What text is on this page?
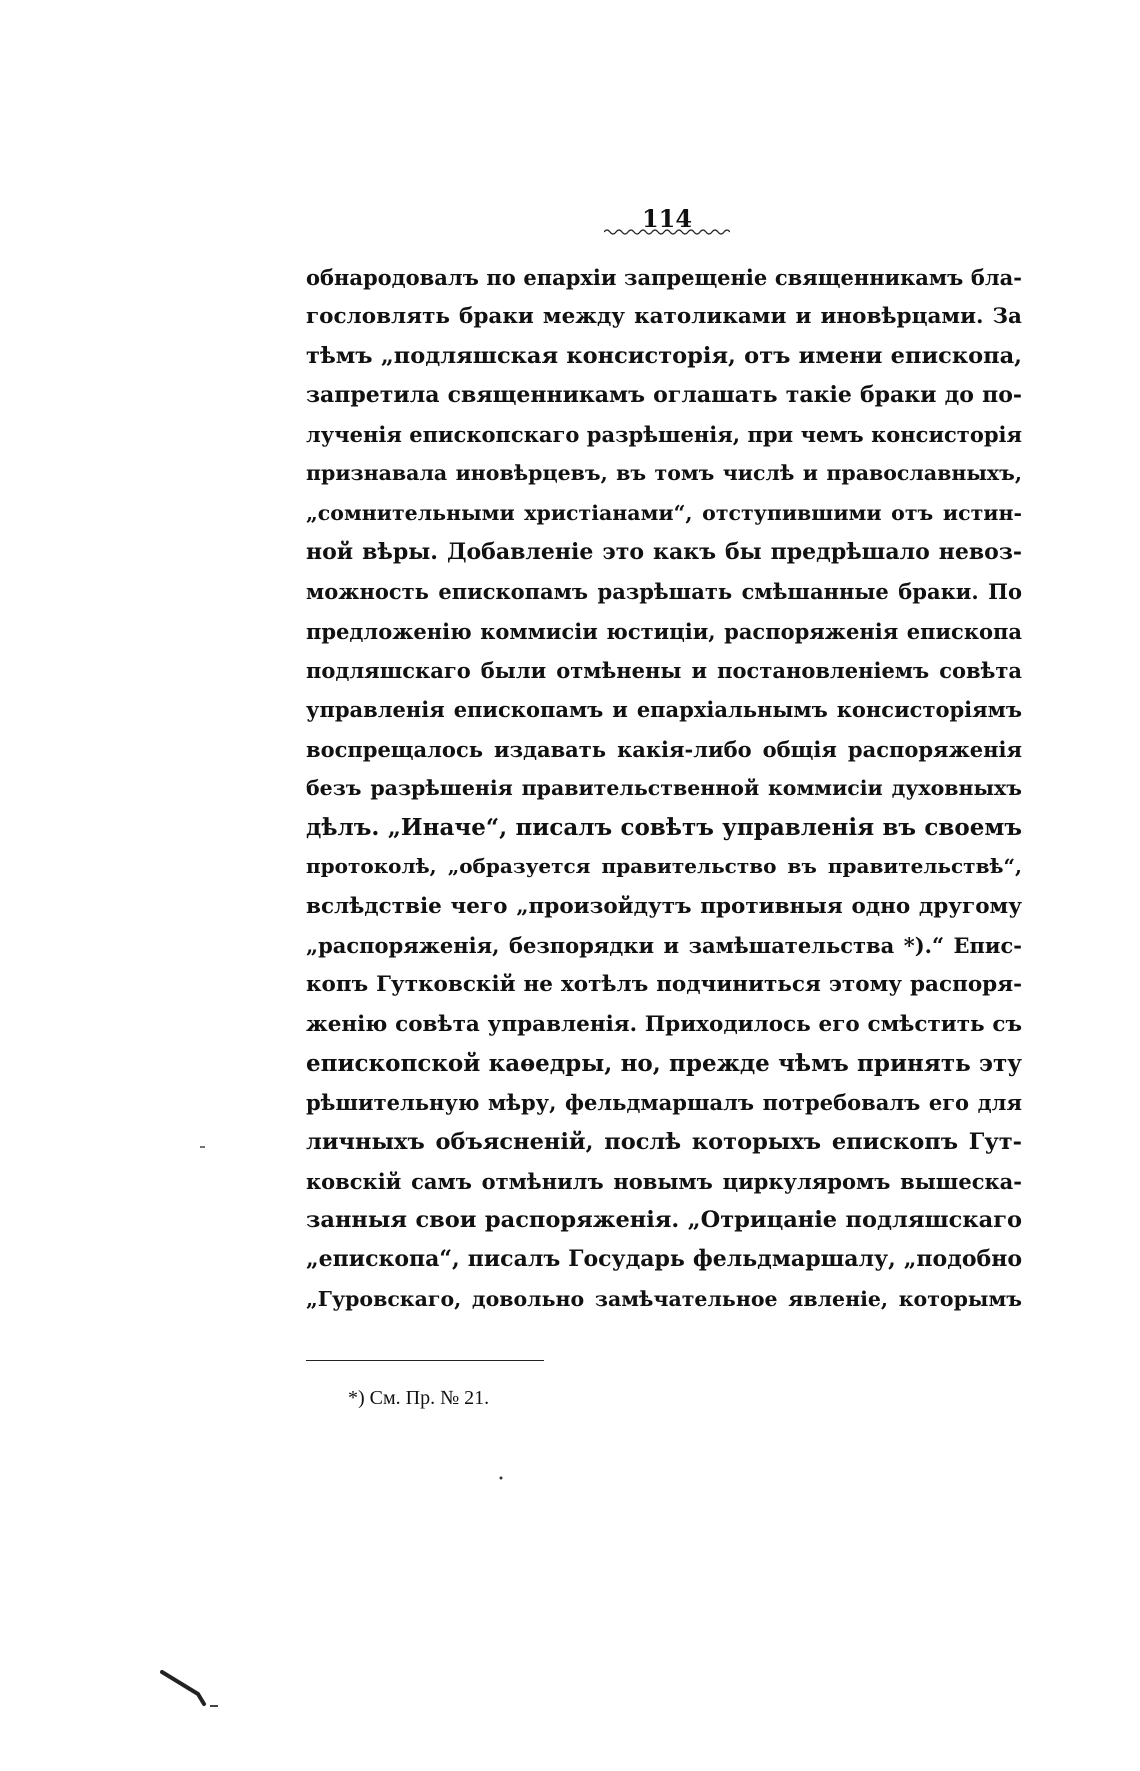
114
обнародовалъ по епархіи запрещеніе священникамъ бла-
гословлять браки между католиками и иновѣрцами. За
тѣмъ „подляшская консисторія, отъ имени епископа,
запретила священникамъ оглашать такіе браки до по-
лученія епископскаго разрѣшенія, при чемъ консисторія
признавала иновѣрцевъ, въ томъ числѣ и православныхъ,
„сомнительными христіанами“, отступившими отъ истин-
ной вѣры. Добавленіе это какъ бы предрѣшало невоз-
можность епископамъ разрѣшать смѣшанные браки. По
предложенію коммисіи юстиціи, распоряженія епископа
подляшскаго были отмѣнены и постановленіемъ совѣта
управленія епископамъ и епархіальнымъ консисторіямъ
воспрещалось издавать какія-либо общія распоряженія
безъ разрѣшенія правительственной коммисіи духовныхъ
дѣлъ. „Иначе“, писалъ совѣтъ управленія въ своемъ
протоколѣ, „образуется правительство въ правительствѣ“,
вслѣдствіе чего „произойдутъ противныя одно другому
„распоряженія, безпорядки и замѣшательства *).“ Епис-
копъ Гутковскій не хотѣлъ подчиниться этому распоря-
женію совѣта управленія. Приходилось его смѣстить съ
епископской каѳедры, но, прежде чѣмъ принять эту
рѣшительную мѣру, фельдмаршалъ потребовалъ его для
личныхъ объясненій, послѣ которыхъ епископъ Гут-
ковскій самъ отмѣнилъ новымъ циркуляромъ вышеска-
занныя свои распоряженія. „Отрицаніе подляшскаго
„епископа“, писалъ Государь фельдмаршалу, „подобно
„Гуровскаго, довольно замѣчательное явленіе, которымъ
*) См. Пр. № 21.
